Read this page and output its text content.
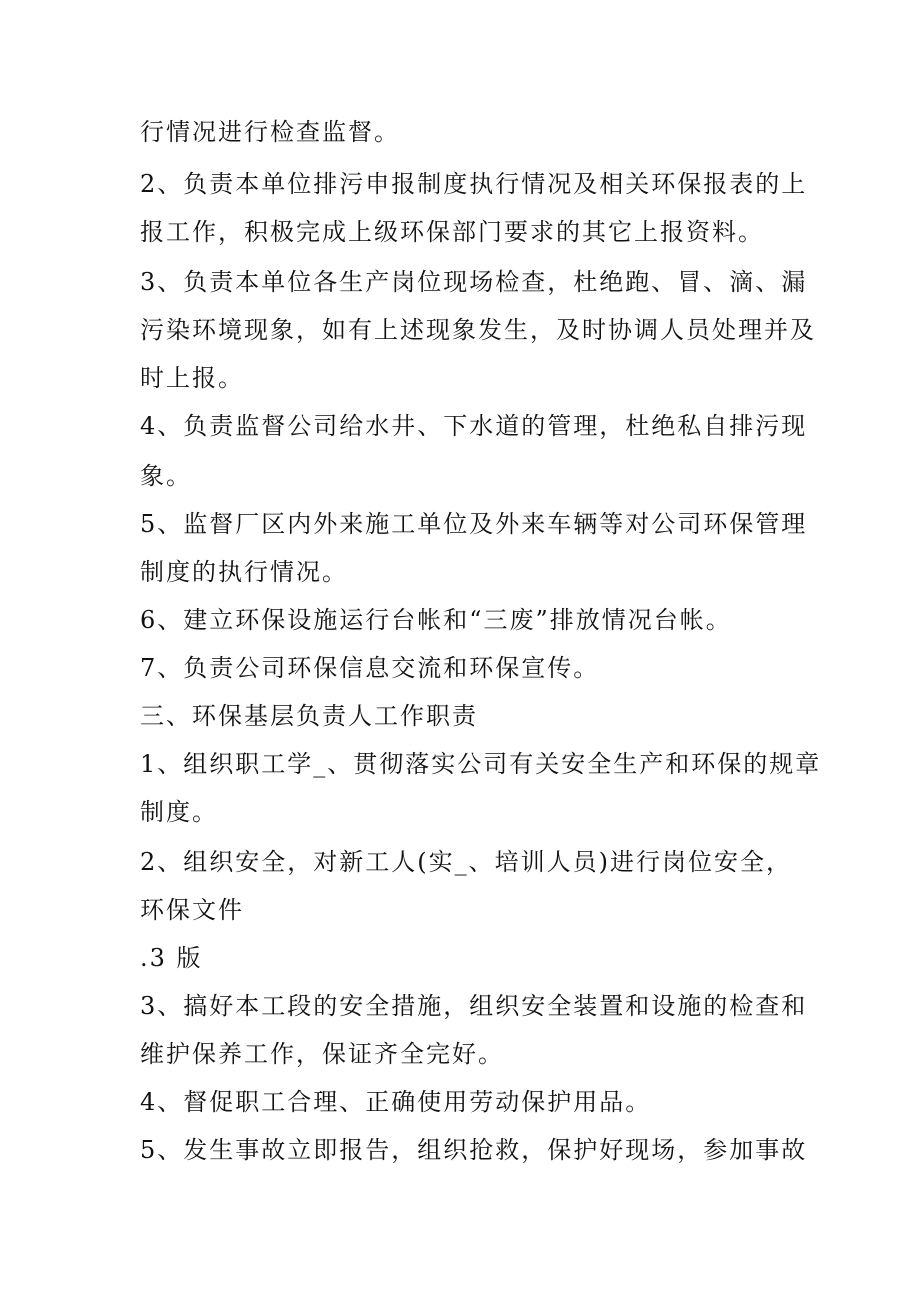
行情况进行检查监督。
2、负责本单位排污申报制度执行情况及相关环保报表的上
报工作，积极完成上级环保部门要求的其它上报资料。
3、负责本单位各生产岗位现场检查，杜绝跑、冒、滴、漏
污染环境现象，如有上述现象发生，及时协调人员处理并及
时上报。
4、负责监督公司给水井、下水道的管理，杜绝私自排污现
象。
5、监督厂区内外来施工单位及外来车辆等对公司环保管理
制度的执行情况。
6、建立环保设施运行台帐和“三废”排放情况台帐。
7、负责公司环保信息交流和环保宣传。
三、环保基层负责人工作职责
1、组织职工学_、贯彻落实公司有关安全生产和环保的规章
制度。
2、组织安全，对新工人(实_、培训人员)进行岗位安全，
环保文件
.3 版
3、搞好本工段的安全措施，组织安全装置和设施的检查和
维护保养工作，保证齐全完好。
4、督促职工合理、正确使用劳动保护用品。
5、发生事故立即报告，组织抢救，保护好现场，参加事故
